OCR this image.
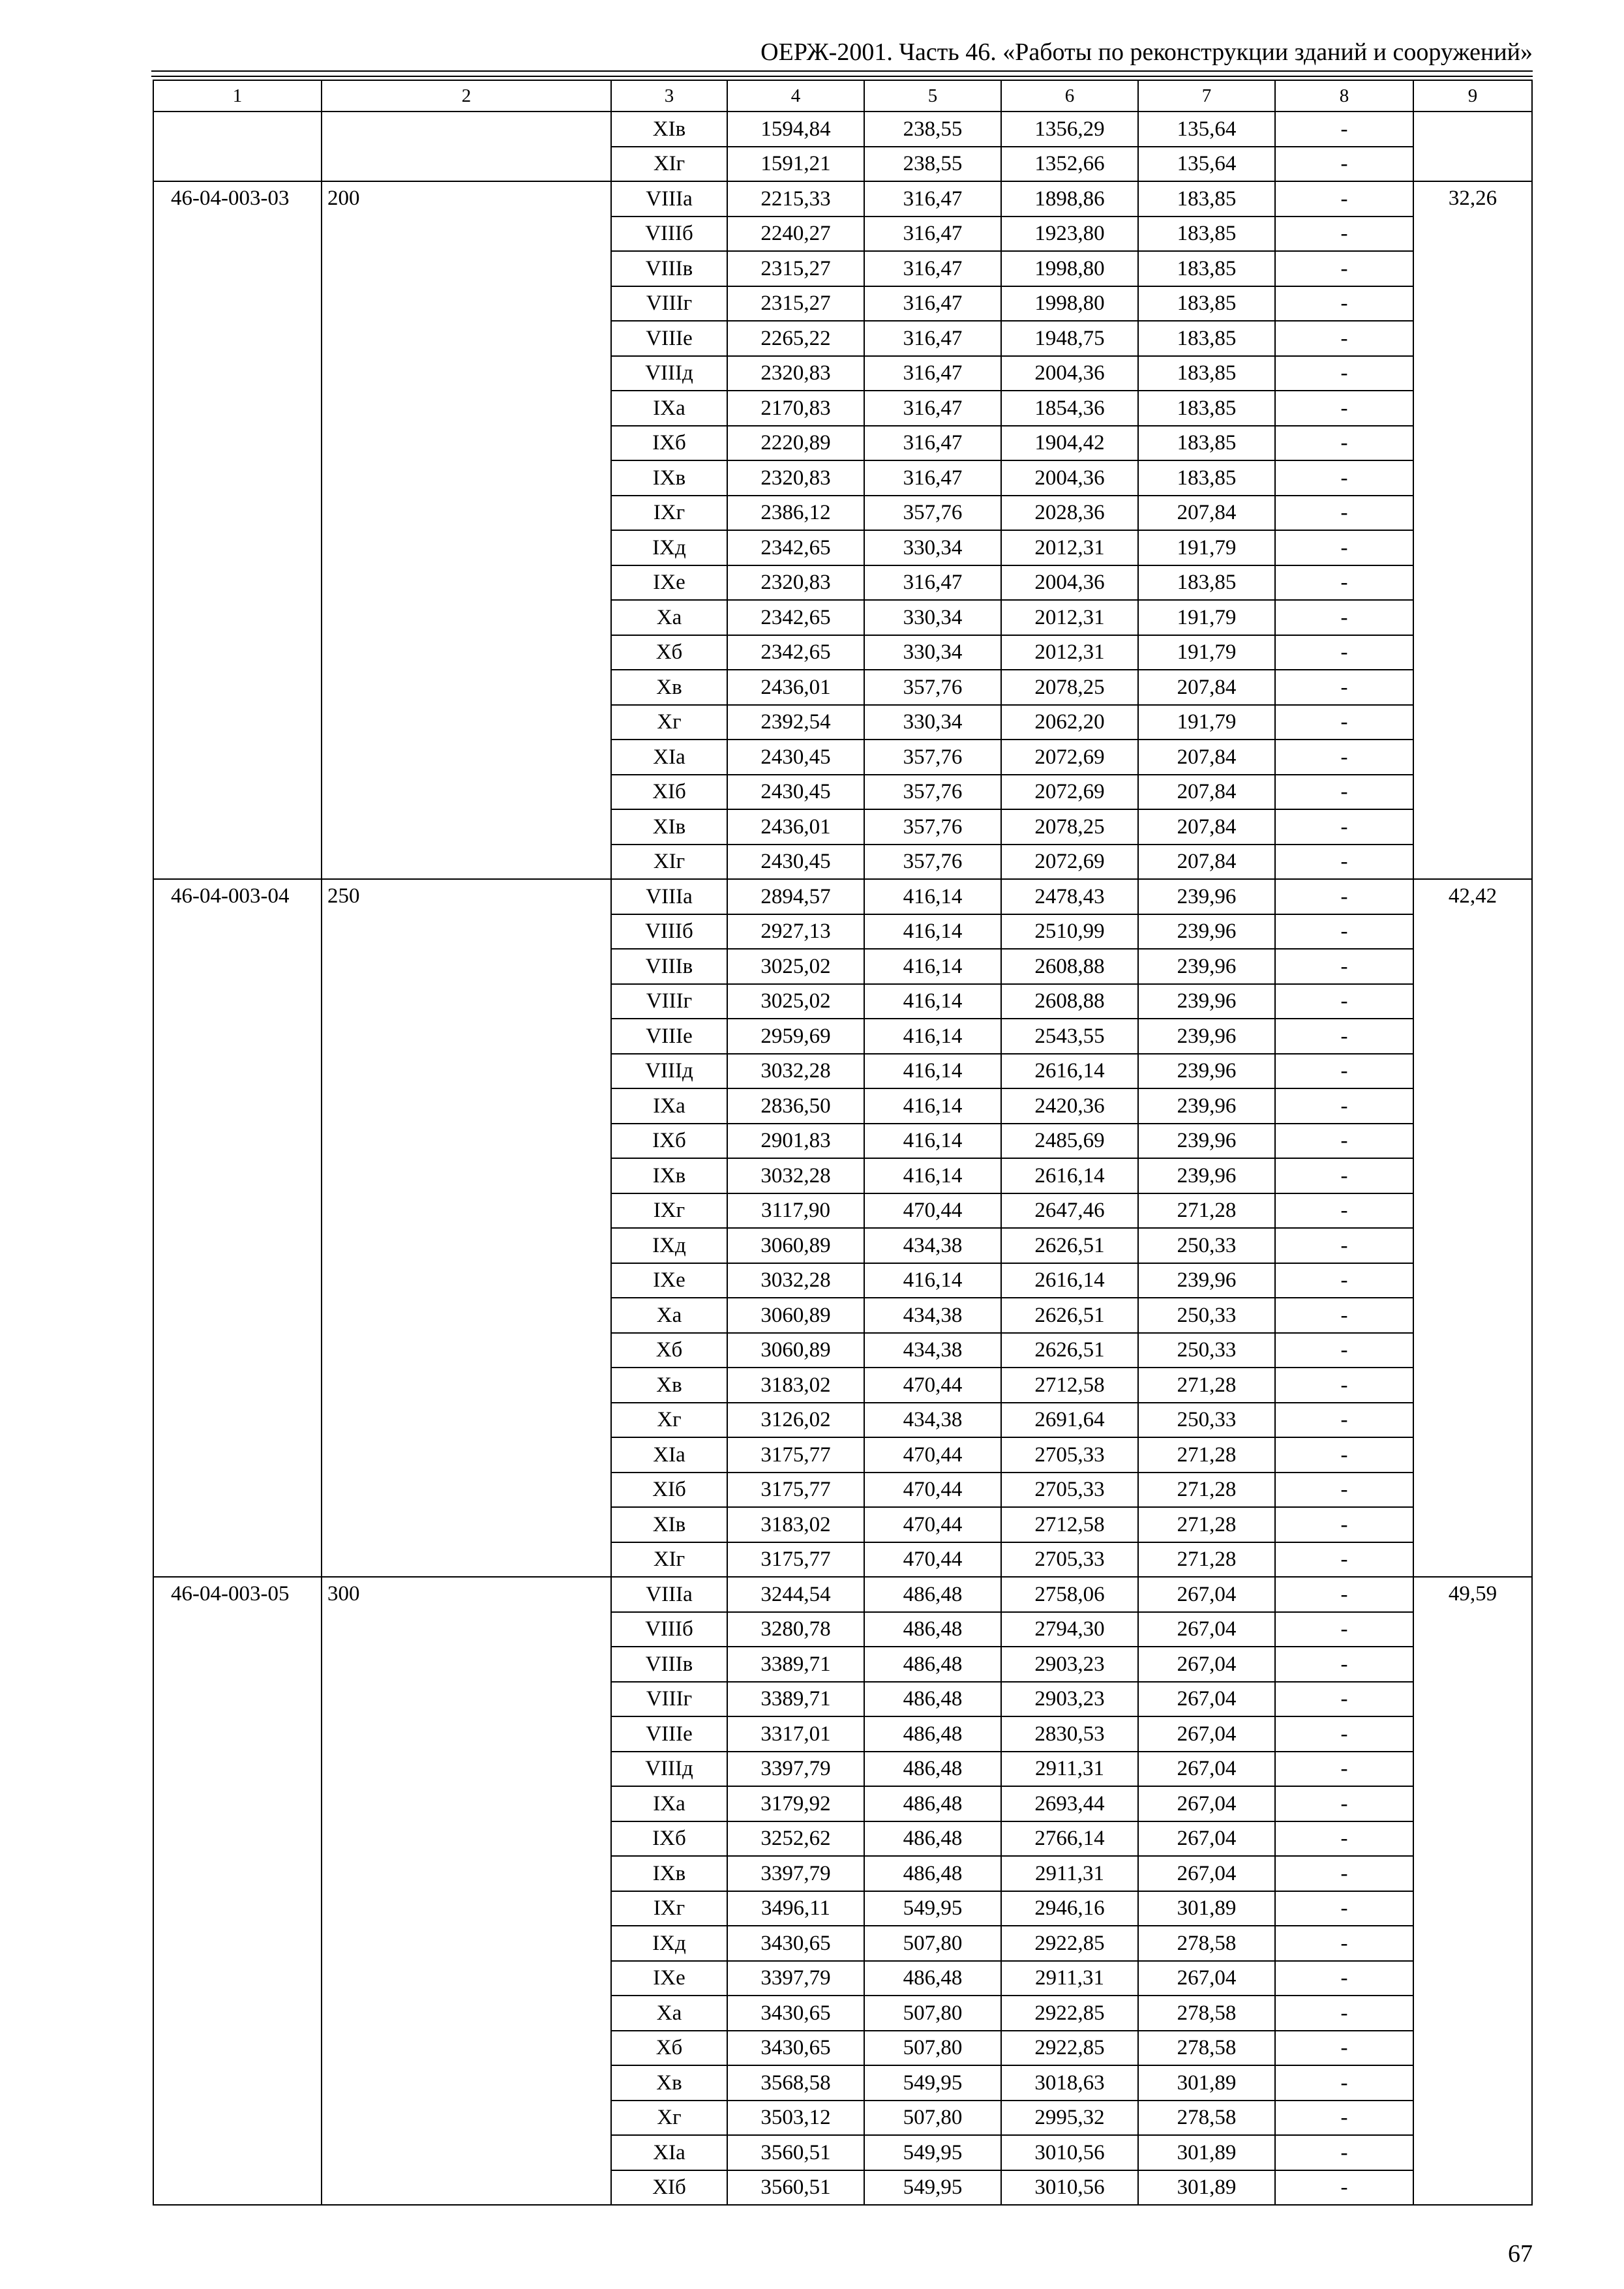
ОЕРЖ-2001. Часть 46. «Работы по реконструкции зданий и сооружений»
1	2	3	4	5	6	7	8	9
		XIв	1594,84	238,55	1356,29	135,64	-	
		XIг	1591,21	238,55	1352,66	135,64	-	
46-04-003-03	200	VIIIа	2215,33	316,47	1898,86	183,85	-	32,26
		VIIIб	2240,27	316,47	1923,80	183,85	-	
		VIIIв	2315,27	316,47	1998,80	183,85	-	
		VIIIг	2315,27	316,47	1998,80	183,85	-	
		VIIIе	2265,22	316,47	1948,75	183,85	-	
		VIIIд	2320,83	316,47	2004,36	183,85	-	
		IXа	2170,83	316,47	1854,36	183,85	-	
		IXб	2220,89	316,47	1904,42	183,85	-	
		IXв	2320,83	316,47	2004,36	183,85	-	
		IXг	2386,12	357,76	2028,36	207,84	-	
		IXд	2342,65	330,34	2012,31	191,79	-	
		IXе	2320,83	316,47	2004,36	183,85	-	
		Xа	2342,65	330,34	2012,31	191,79	-	
		Xб	2342,65	330,34	2012,31	191,79	-	
		Xв	2436,01	357,76	2078,25	207,84	-	
		Xг	2392,54	330,34	2062,20	191,79	-	
		XIа	2430,45	357,76	2072,69	207,84	-	
		XIб	2430,45	357,76	2072,69	207,84	-	
		XIв	2436,01	357,76	2078,25	207,84	-	
		XIг	2430,45	357,76	2072,69	207,84	-	
46-04-003-04	250	VIIIа	2894,57	416,14	2478,43	239,96	-	42,42
		VIIIб	2927,13	416,14	2510,99	239,96	-	
		VIIIв	3025,02	416,14	2608,88	239,96	-	
		VIIIг	3025,02	416,14	2608,88	239,96	-	
		VIIIе	2959,69	416,14	2543,55	239,96	-	
		VIIIд	3032,28	416,14	2616,14	239,96	-	
		IXа	2836,50	416,14	2420,36	239,96	-	
		IXб	2901,83	416,14	2485,69	239,96	-	
		IXв	3032,28	416,14	2616,14	239,96	-	
		IXг	3117,90	470,44	2647,46	271,28	-	
		IXд	3060,89	434,38	2626,51	250,33	-	
		IXе	3032,28	416,14	2616,14	239,96	-	
		Xа	3060,89	434,38	2626,51	250,33	-	
		Xб	3060,89	434,38	2626,51	250,33	-	
		Xв	3183,02	470,44	2712,58	271,28	-	
		Xг	3126,02	434,38	2691,64	250,33	-	
		XIа	3175,77	470,44	2705,33	271,28	-	
		XIб	3175,77	470,44	2705,33	271,28	-	
		XIв	3183,02	470,44	2712,58	271,28	-	
		XIг	3175,77	470,44	2705,33	271,28	-	
46-04-003-05	300	VIIIа	3244,54	486,48	2758,06	267,04	-	49,59
		VIIIб	3280,78	486,48	2794,30	267,04	-	
		VIIIв	3389,71	486,48	2903,23	267,04	-	
		VIIIг	3389,71	486,48	2903,23	267,04	-	
		VIIIе	3317,01	486,48	2830,53	267,04	-	
		VIIIд	3397,79	486,48	2911,31	267,04	-	
		IXа	3179,92	486,48	2693,44	267,04	-	
		IXб	3252,62	486,48	2766,14	267,04	-	
		IXв	3397,79	486,48	2911,31	267,04	-	
		IXг	3496,11	549,95	2946,16	301,89	-	
		IXд	3430,65	507,80	2922,85	278,58	-	
		IXе	3397,79	486,48	2911,31	267,04	-	
		Xа	3430,65	507,80	2922,85	278,58	-	
		Xб	3430,65	507,80	2922,85	278,58	-	
		Xв	3568,58	549,95	3018,63	301,89	-	
		Xг	3503,12	507,80	2995,32	278,58	-	
		XIа	3560,51	549,95	3010,56	301,89	-	
		XIб	3560,51	549,95	3010,56	301,89	-	
67
